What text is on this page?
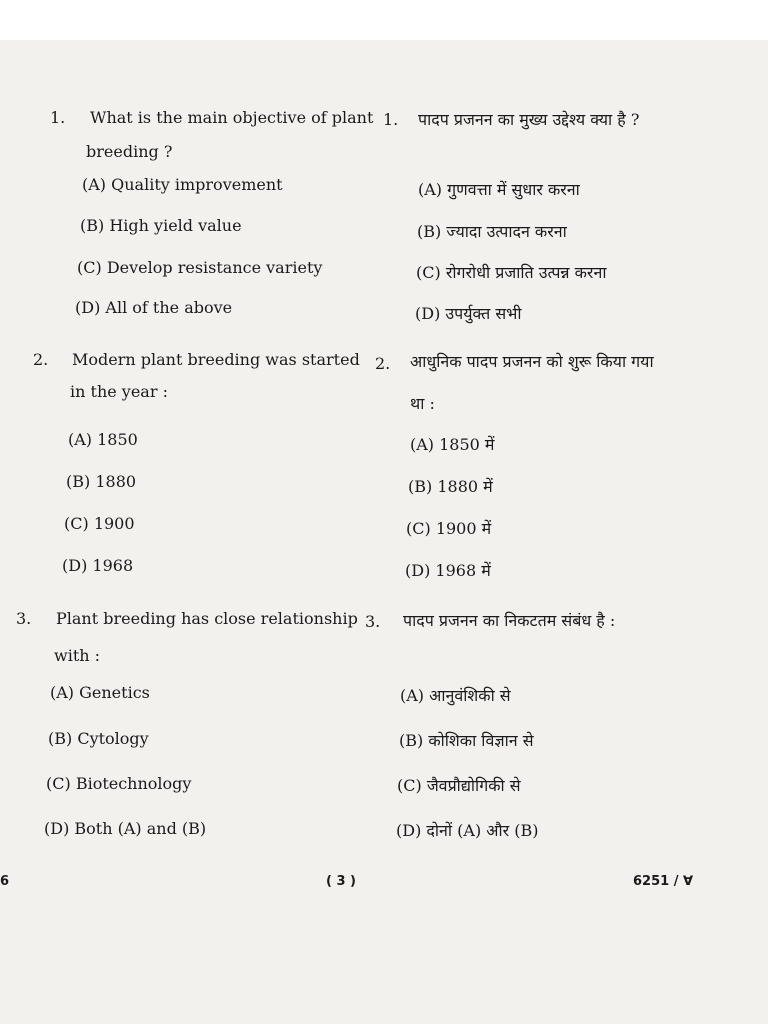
1. What is the main objective of plant
breeding ?
(A) Quality improvement
(B) High yield value
(C) Develop resistance variety
(D) All of the above
1. पादप प्रजनन का मुख्य उद्देश्य क्या है ?
(A) गुणवत्ता में सुधार करना
(B) ज्यादा उत्पादन करना
(C) रोगरोधी प्रजाति उत्पन्न करना
(D) उपर्युक्त सभी
2. Modern plant breeding was started
in the year :
(A) 1850
(B) 1880
(C) 1900
(D) 1968
2. आधुनिक पादप प्रजनन को शुरू किया गया
था :
(A) 1850 में
(B) 1880 में
(C) 1900 में
(D) 1968 में
3. Plant breeding has close relationship
with :
(A) Genetics
(B) Cytology
(C) Biotechnology
(D) Both (A) and (B)
3. पादप प्रजनन का निकटतम संबंध है :
(A) आनुवंशिकी से
(B) कोशिका विज्ञान से
(C) जैवप्रौद्योगिकी से
(D) दोनों (A) और (B)
6	( 3 )	6251 / ∀
